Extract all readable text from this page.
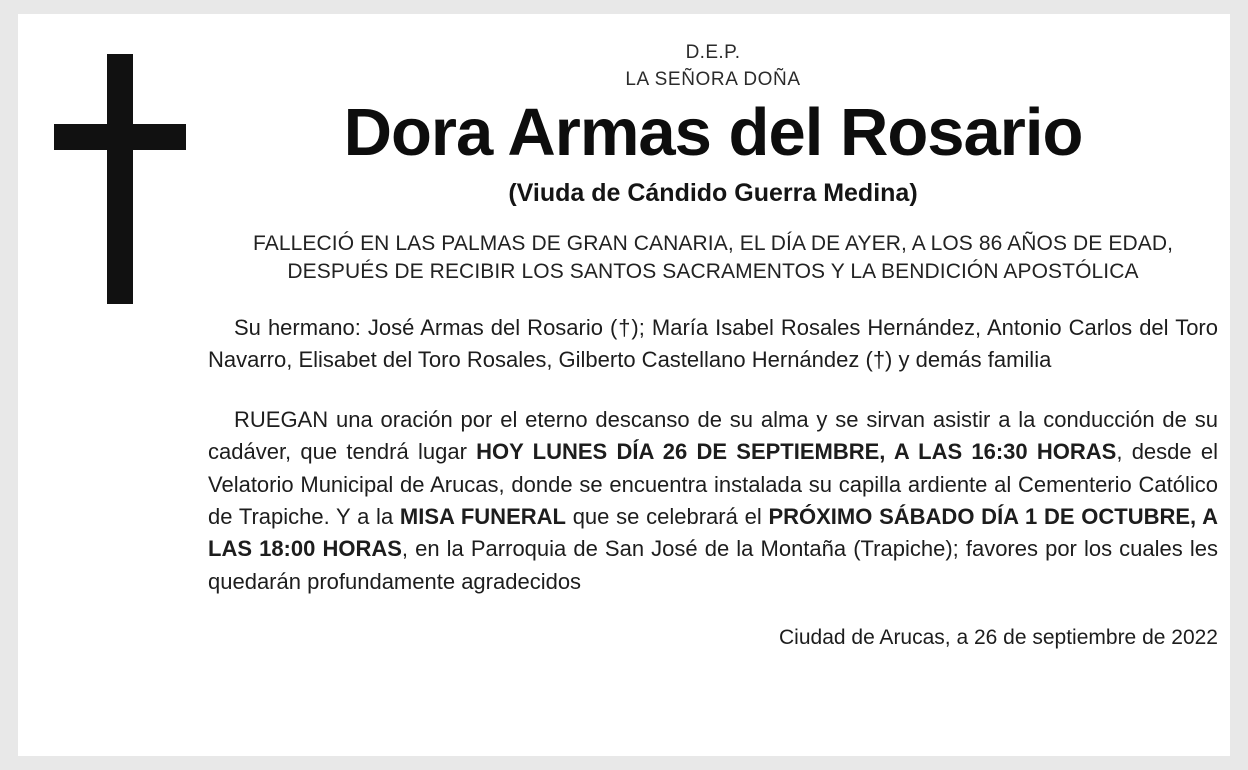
D.E.P.
LA SEÑORA DOÑA
Dora Armas del Rosario
(Viuda de Cándido Guerra Medina)
FALLECIÓ EN LAS PALMAS DE GRAN CANARIA, EL DÍA DE AYER, A LOS 86 AÑOS DE EDAD,
DESPUÉS DE RECIBIR LOS SANTOS SACRAMENTOS Y LA BENDICIÓN APOSTÓLICA
Su hermano: José Armas del Rosario (†); María Isabel Rosales Hernández, Antonio Carlos del Toro Navarro, Elisabet del Toro Rosales, Gilberto Castellano Hernández (†) y demás familia
RUEGAN una oración por el eterno descanso de su alma y se sirvan asistir a la conducción de su cadáver, que tendrá lugar HOY LUNES DÍA 26 DE SEPTIEMBRE, A LAS 16:30 HORAS, desde el Velatorio Municipal de Arucas, donde se encuentra instalada su capilla ardiente al Cementerio Católico de Trapiche. Y a la MISA FUNERAL que se celebrará el PRÓXIMO SÁBADO DÍA 1 DE OCTUBRE, A LAS 18:00 HORAS, en la Parroquia de San José de la Montaña (Trapiche); favores por los cuales les quedarán profundamente agradecidos
Ciudad de Arucas, a 26 de septiembre de 2022
